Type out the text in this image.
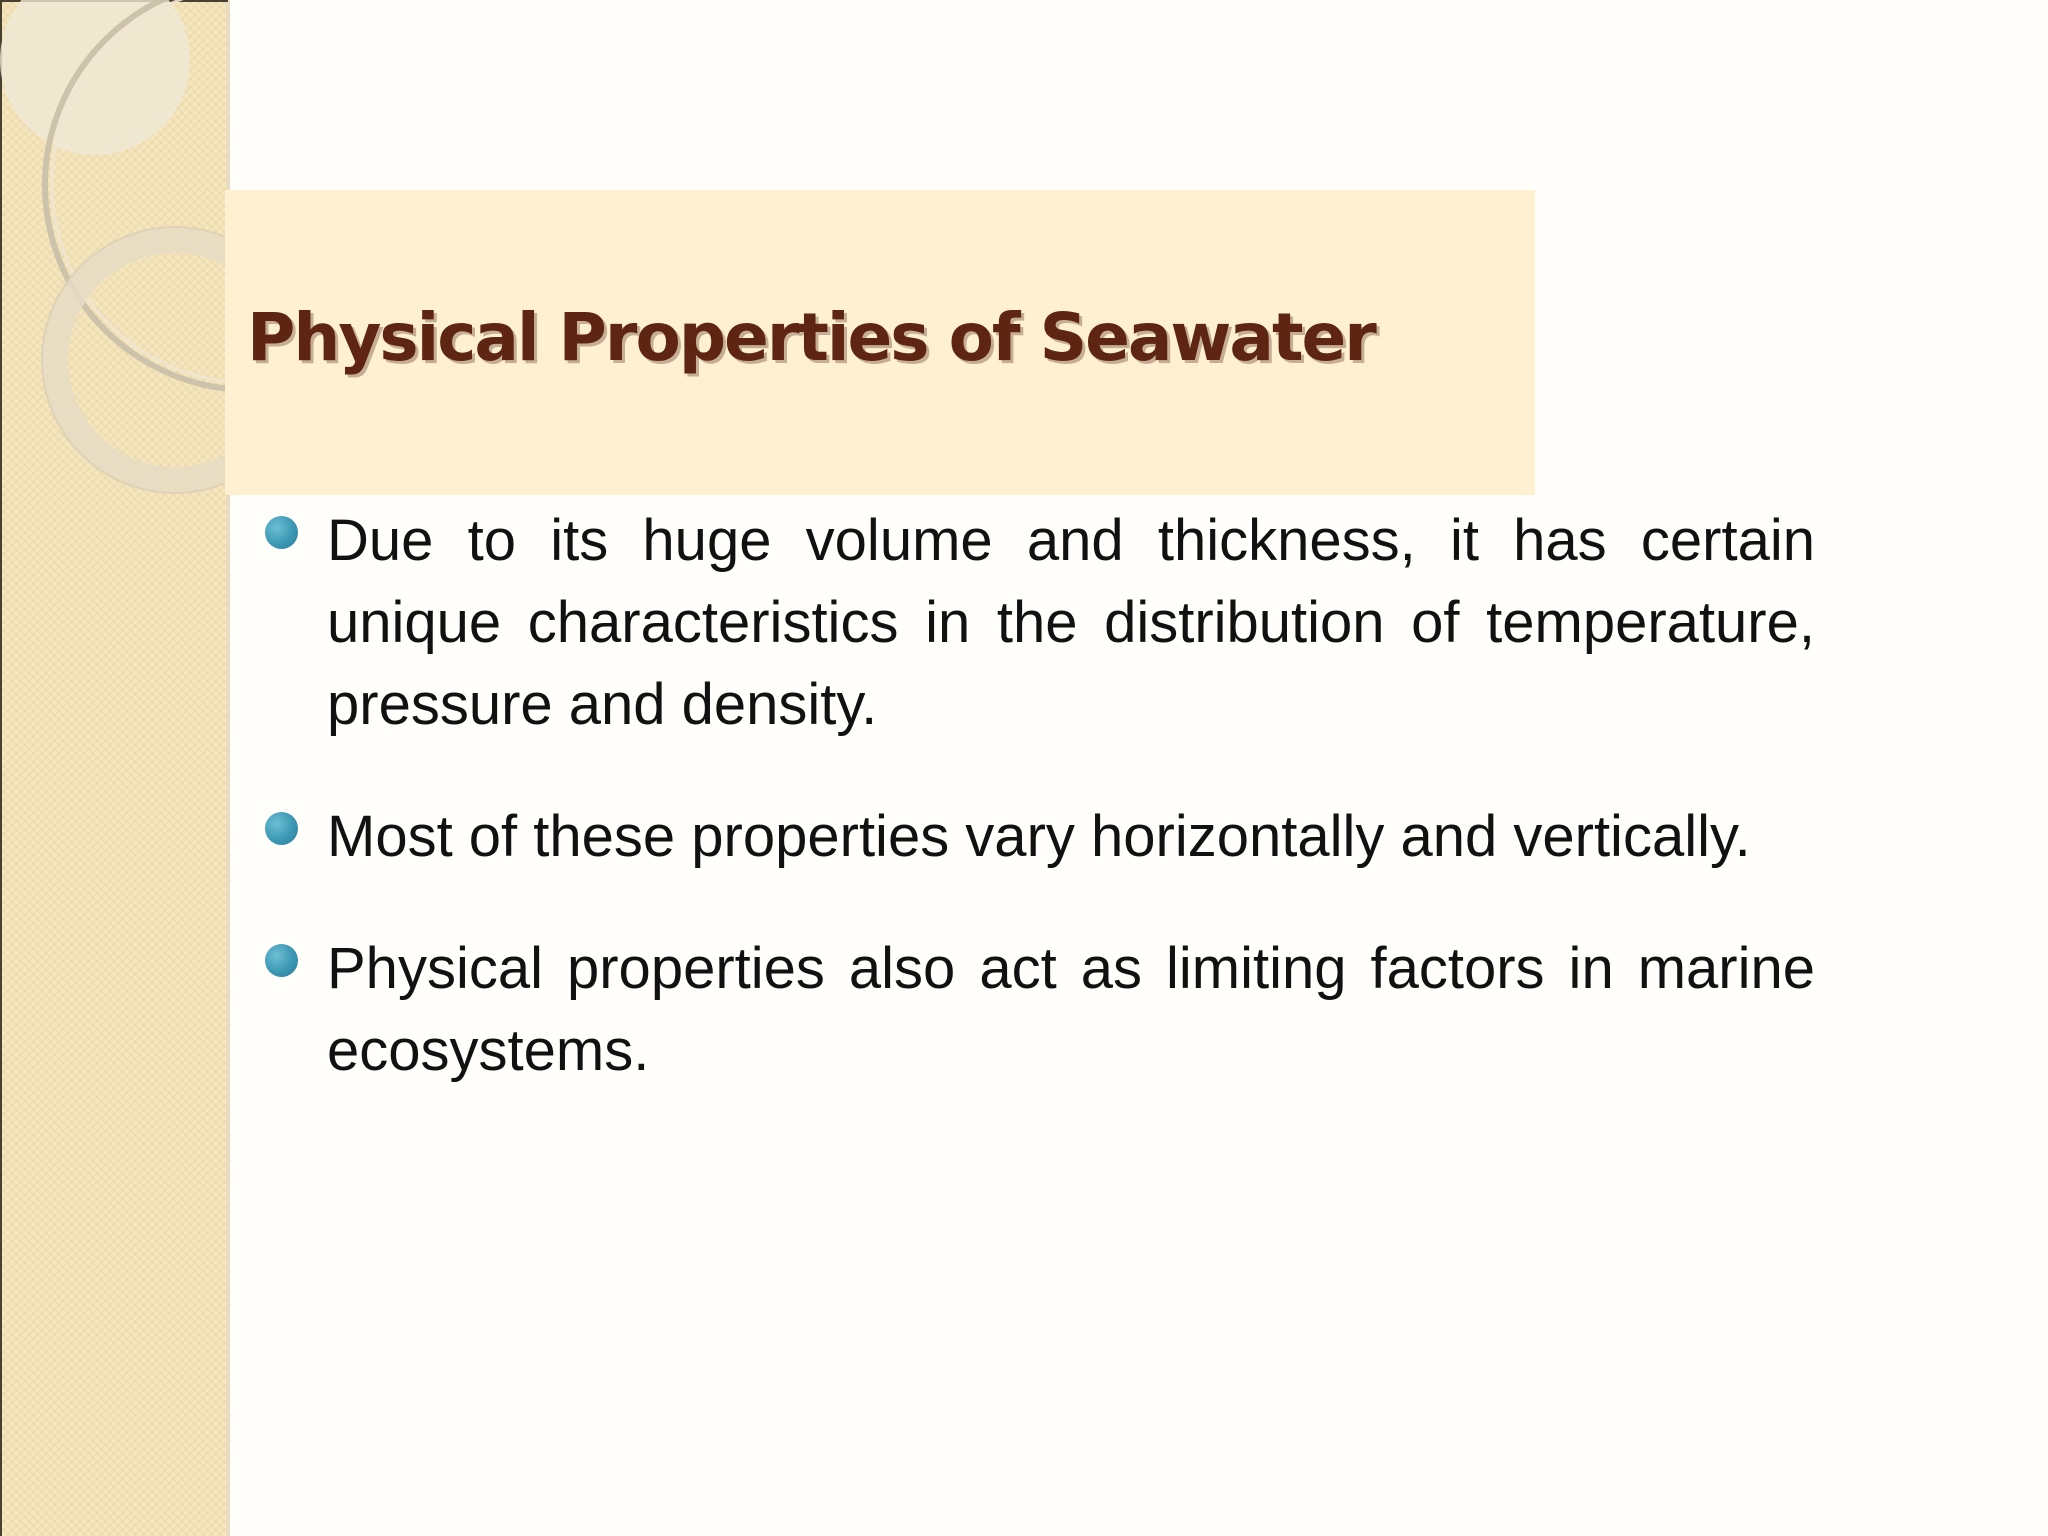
Physical Properties of Seawater
Due to its huge volume and thickness, it has certain unique characteristics in the distribution of temperature, pressure and density.
Most of these properties vary horizontally and vertically.
Physical properties also act as limiting factors in marine ecosystems.
